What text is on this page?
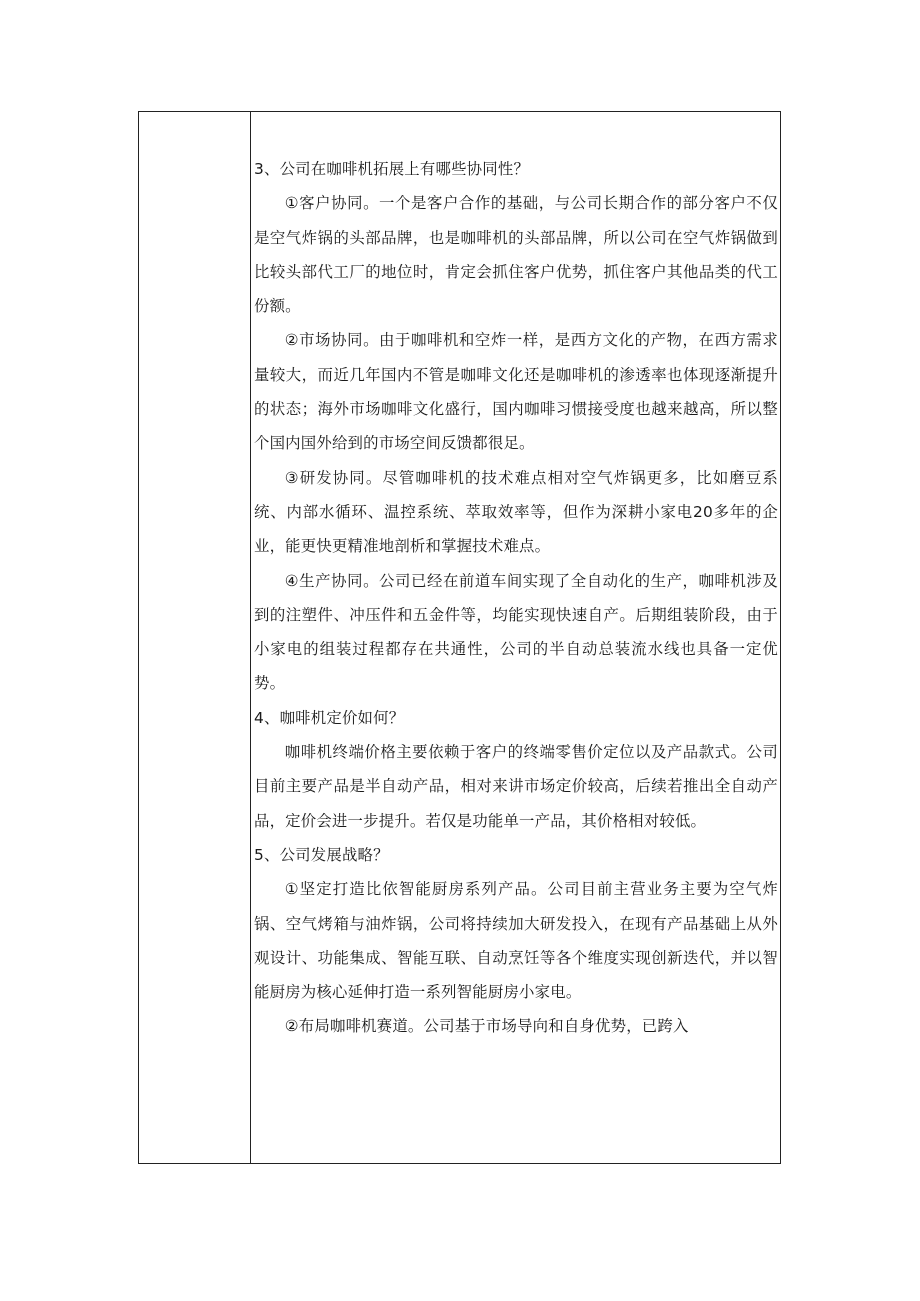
3、公司在咖啡机拓展上有哪些协同性？

①客户协同。一个是客户合作的基础，与公司长期合作的部分客户不仅是空气炸锅的头部品牌，也是咖啡机的头部品牌，所以公司在空气炸锅做到比较头部代工厂的地位时，肯定会抓住客户优势，抓住客户其他品类的代工份额。

②市场协同。由于咖啡机和空炸一样，是西方文化的产物，在西方需求量较大，而近几年国内不管是咖啡文化还是咖啡机的渗透率也体现逐渐提升的状态；海外市场咖啡文化盛行，国内咖啡习惯接受度也越来越高，所以整个国内国外给到的市场空间反馈都很足。

③研发协同。尽管咖啡机的技术难点相对空气炸锅更多，比如磨豆系统、内部水循环、温控系统、萃取效率等，但作为深耕小家电20多年的企业，能更快更精准地剖析和掌握技术难点。

④生产协同。公司已经在前道车间实现了全自动化的生产，咖啡机涉及到的注塑件、冲压件和五金件等，均能实现快速自产。后期组装阶段，由于小家电的组装过程都存在共通性，公司的半自动总装流水线也具备一定优势。

4、咖啡机定价如何？

咖啡机终端价格主要依赖于客户的终端零售价定位以及产品款式。公司目前主要产品是半自动产品，相对来讲市场定价较高，后续若推出全自动产品，定价会进一步提升。若仅是功能单一产品，其价格相对较低。

5、公司发展战略？

①坚定打造比依智能厨房系列产品。公司目前主营业务主要为空气炸锅、空气烤箱与油炸锅，公司将持续加大研发投入，在现有产品基础上从外观设计、功能集成、智能互联、自动烹饪等各个维度实现创新迭代，并以智能厨房为核心延伸打造一系列智能厨房小家电。

②布局咖啡机赛道。公司基于市场导向和自身优势，已跨入
